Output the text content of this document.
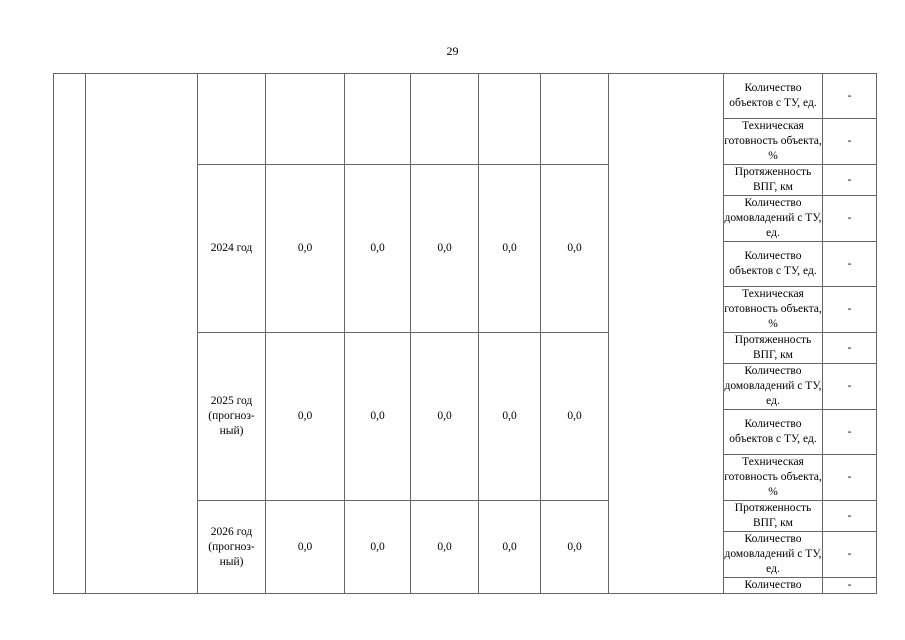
29
									Количество объектов с ТУ, ед.	-
									Техническая готовность объекта, %	-
		2024 год	0,0	0,0	0,0	0,0	0,0		Протяженность ВПГ, км	-
									Количество домовладений с ТУ, ед.	-
									Количество объектов с ТУ, ед.	-
									Техническая готовность объекта, %	-
		2025 год (прогноз-ный)	0,0	0,0	0,0	0,0	0,0		Протяженность ВПГ, км	-
									Количество домовладений с ТУ, ед.	-
									Количество объектов с ТУ, ед.	-
									Техническая готовность объекта, %	-
		2026 год (прогноз-ный)	0,0	0,0	0,0	0,0	0,0		Протяженность ВПГ, км	-
									Количество домовладений с ТУ, ед.	-
									Количество	-
